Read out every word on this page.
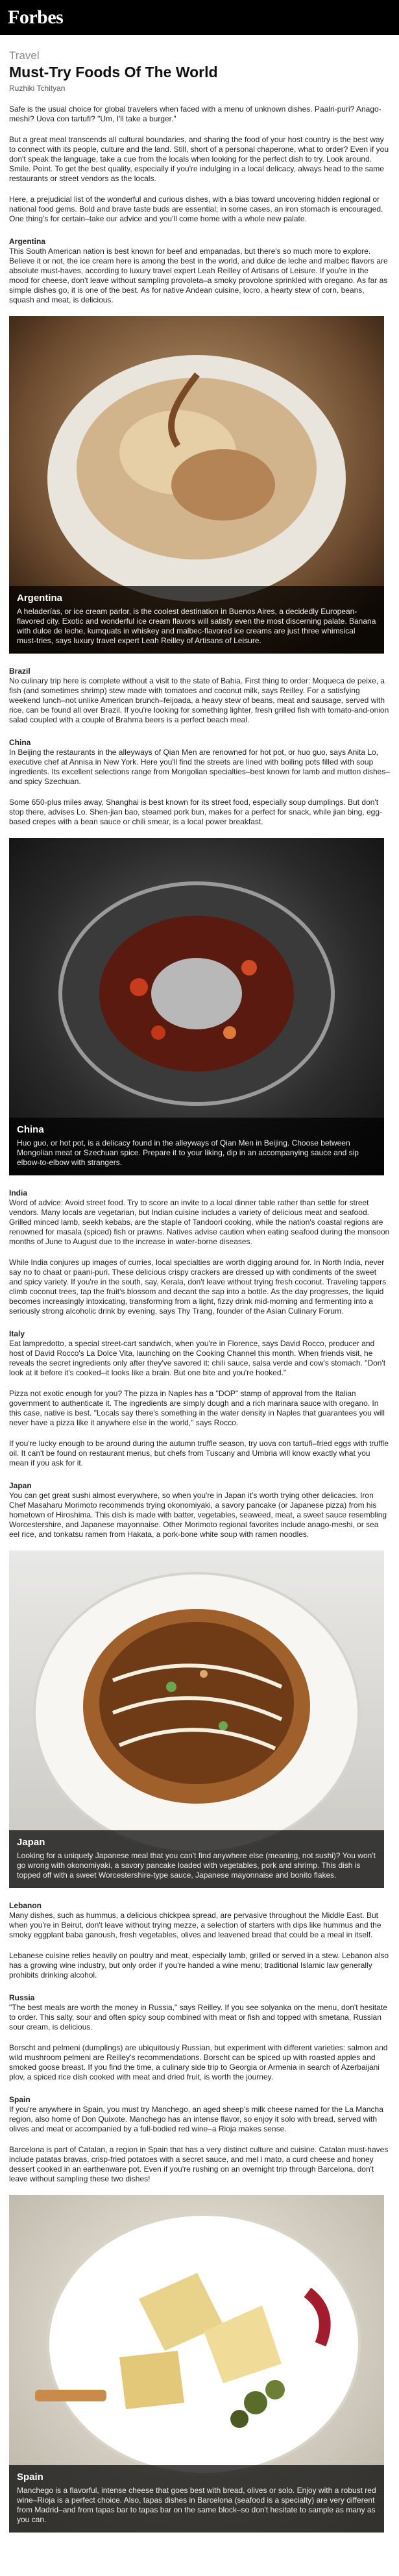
Forbes
Travel
Must-Try Foods Of The World
Ruzhiki Tchityan

Safe is the usual choice for global travelers when faced with a menu of unknown dishes. Paalri-puri? Anago-meshi? Uova con tartufi? "Um, I'll take a burger."

But a great meal transcends all cultural boundaries, and sharing the food of your host country is the best way to connect with its people, culture and the land. Still, short of a personal chaperone, what to order? Even if you don't speak the language, take a cue from the locals when looking for the perfect dish to try. Look around. Smile. Point. To get the best quality, especially if you're indulging in a local delicacy, always head to the same restaurants or street vendors as the locals.

Here, a prejudicial list of the wonderful and curious dishes, with a bias toward uncovering hidden regional or national food gems. Bold and brave taste buds are essential; in some cases, an iron stomach is encouraged. One thing's for certain–take our advice and you'll come home with a whole new palate.

Argentina

This South American nation is best known for beef and empanadas, but there's so much more to explore. Believe it or not, the ice cream here is among the best in the world, and dulce de leche and malbec flavors are absolute must-haves, according to luxury travel expert Leah Reilley of Artisans of Leisure. If you're in the mood for cheese, don't leave without sampling provoleta–a smoky provolone sprinkled with oregano. As far as simple dishes go, it is one of the best. As for native Andean cuisine, locro, a hearty stew of corn, beans, squash and meat, is delicious.

Argentina
A heladerías, or ice cream parlor, is the coolest destination in Buenos Aires, a decidedly European-flavored city. Exotic and wonderful ice cream flavors will satisfy even the most discerning palate. Banana with dulce de leche, kumquats in whiskey and malbec-flavored ice creams are just three whimsical must-tries, says luxury travel expert Leah Reilley of Artisans of Leisure.
Brazil

No culinary trip here is complete without a visit to the state of Bahia. First thing to order: Moqueca de peixe, a fish (and sometimes shrimp) stew made with tomatoes and coconut milk, says Reilley. For a satisfying weekend lunch–not unlike American brunch–feijoada, a heavy stew of beans, meat and sausage, served with rice, can be found all over Brazil. If you're looking for something lighter, fresh grilled fish with tomato-and-onion salad coupled with a couple of Brahma beers is a perfect beach meal.

China

In Beijing the restaurants in the alleyways of Qian Men are renowned for hot pot, or huo guo, says Anita Lo, executive chef at Annisa in New York. Here you'll find the streets are lined with boiling pots filled with soup ingredients. Its excellent selections range from Mongolian specialties–best known for lamb and mutton dishes–and spicy Szechuan.

Some 650-plus miles away, Shanghai is best known for its street food, especially soup dumplings. But don't stop there, advises Lo. Shen-jian bao, steamed pork bun, makes for a perfect for snack, while jian bing, egg-based crepes with a bean sauce or chili smear, is a local power breakfast.

China
Huo guo, or hot pot, is a delicacy found in the alleyways of Qian Men in Beijing. Choose between Mongolian meat or Szechuan spice. Prepare it to your liking, dip in an accompanying sauce and sip elbow-to-elbow with strangers.
India

Word of advice: Avoid street food. Try to score an invite to a local dinner table rather than settle for street vendors. Many locals are vegetarian, but Indian cuisine includes a variety of delicious meat and seafood. Grilled minced lamb, seekh kebabs, are the staple of Tandoori cooking, while the nation's coastal regions are renowned for masala (spiced) fish or prawns. Natives advise caution when eating seafood during the monsoon months of June to August due to the increase in water-borne diseases.

While India conjures up images of curries, local specialties are worth digging around for. In North India, never say no to chaat or paani-puri. These delicious crispy crackers are dressed up with condiments of the sweet and spicy variety. If you're in the south, say, Kerala, don't leave without trying fresh coconut. Traveling tappers climb coconut trees, tap the fruit's blossom and decant the sap into a bottle. As the day progresses, the liquid becomes increasingly intoxicating, transforming from a light, fizzy drink mid-morning and fermenting into a seriously strong alcoholic drink by evening, says Thy Trang, founder of the Asian Culinary Forum.

Italy

Eat lampredotto, a special street-cart sandwich, when you're in Florence, says David Rocco, producer and host of David Rocco's La Dolce Vita, launching on the Cooking Channel this month. When friends visit, he reveals the secret ingredients only after they've savored it: chili sauce, salsa verde and cow's stomach. "Don't look at it before it's cooked–it looks like a brain. But one bite and you're hooked."

Pizza not exotic enough for you? The pizza in Naples has a "DOP" stamp of approval from the Italian government to authenticate it. The ingredients are simply dough and a rich marinara sauce with oregano. In this case, native is best. "Locals say there's something in the water density in Naples that guarantees you will never have a pizza like it anywhere else in the world," says Rocco.

If you're lucky enough to be around during the autumn truffle season, try uova con tartufi–fried eggs with truffle oil. It can't be found on restaurant menus, but chefs from Tuscany and Umbria will know exactly what you mean if you ask for it.

Japan

You can get great sushi almost everywhere, so when you're in Japan it's worth trying other delicacies. Iron Chef Masaharu Morimoto recommends trying okonomiyaki, a savory pancake (or Japanese pizza) from his hometown of Hiroshima. This dish is made with batter, vegetables, seaweed, meat, a sweet sauce resembling Worcestershire, and Japanese mayonnaise. Other Morimoto regional favorites include anago-meshi, or sea eel rice, and tonkatsu ramen from Hakata, a pork-bone white soup with ramen noodles.

Japan
Looking for a uniquely Japanese meal that you can't find anywhere else (meaning, not sushi)? You won't go wrong with okonomiyaki, a savory pancake loaded with vegetables, pork and shrimp. This dish is topped off with a sweet Worcestershire-type sauce, Japanese mayonnaise and bonito flakes.
Lebanon

Many dishes, such as hummus, a delicious chickpea spread, are pervasive throughout the Middle East. But when you're in Beirut, don't leave without trying mezze, a selection of starters with dips like hummus and the smoky eggplant baba ganoush, fresh vegetables, olives and leavened bread that could be a meal in itself.

Lebanese cuisine relies heavily on poultry and meat, especially lamb, grilled or served in a stew. Lebanon also has a growing wine industry, but only order if you're handed a wine menu; traditional Islamic law generally prohibits drinking alcohol.

Russia

"The best meals are worth the money in Russia," says Reilley. If you see solyanka on the menu, don't hesitate to order. This salty, sour and often spicy soup combined with meat or fish and topped with smetana, Russian sour cream, is delicious.

Borscht and pelmeni (dumplings) are ubiquitously Russian, but experiment with different varieties: salmon and wild mushroom pelmeni are Reilley's recommendations. Borscht can be spiced up with roasted apples and smoked goose breast. If you find the time, a culinary side trip to Georgia or Armenia in search of Azerbaijani plov, a spiced rice dish cooked with meat and dried fruit, is worth the journey.

Spain

If you're anywhere in Spain, you must try Manchego, an aged sheep's milk cheese named for the La Mancha region, also home of Don Quixote. Manchego has an intense flavor, so enjoy it solo with bread, served with olives and meat or accompanied by a full-bodied red wine–a Rioja makes sense.

Barcelona is part of Catalan, a region in Spain that has a very distinct culture and cuisine. Catalan must-haves include patatas bravas, crisp-fried potatoes with a secret sauce, and mel i mato, a curd cheese and honey dessert cooked in an earthenware pot. Even if you're rushing on an overnight trip through Barcelona, don't leave without sampling these two dishes!

Spain
Manchego is a flavorful, intense cheese that goes best with bread, olives or solo. Enjoy with a robust red wine–Rioja is a perfect choice. Also, tapas dishes in Barcelona (seafood is a specialty) are very different from Madrid–and from tapas bar to tapas bar on the same block–so don't hesitate to sample as many as you can.
